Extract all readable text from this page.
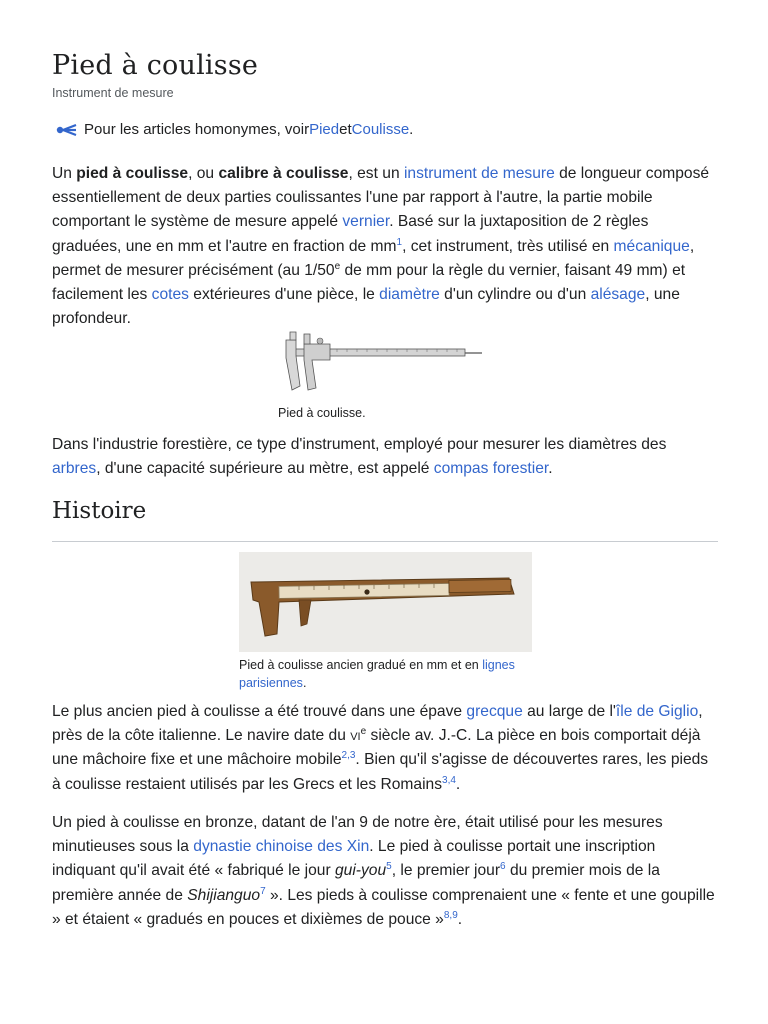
Pied à coulisse
Instrument de mesure
Pour les articles homonymes, voir Pied et Coulisse .

Un pied à coulisse, ou calibre à coulisse, est un instrument de mesure de longueur composé essentiellement de deux parties coulissantes l'une par rapport à l'autre, la partie mobile comportant le système de mesure appelé vernier. Basé sur la juxtaposition de 2 règles graduées, une en mm et l'autre en fraction de $mm^1$, cet instrument, très utilisé en mécanique, permet de mesurer précisément (au 1/50e de mm pour la règle du vernier, faisant 49 mm) et facilement les cotes extérieures d'une pièce, le diamètre d'un cylindre ou d'un alésage, une profondeur.

Pied à coulisse.

Dans l'industrie forestière, ce type d'instrument, employé pour mesurer les diamètres des arbres, d'une capacité supérieure au mètre, est appelé compas forestier.

Histoire
Pied à coulisse ancien gradué en mm et en lignes parisiennes.

Le plus ancien pied à coulisse a été trouvé dans une épave grecque au large de l'île de Giglio, près de la côte italienne. Le navire date du $vi^e$ siècle av. J.-C. La pièce en bois comportait déjà une mâchoire fixe et une mâchoire mobile$^{2,3}$. Bien qu'il s'agisse de découvertes rares, les pieds à coulisse restaient utilisés par les Grecs et les Romains$^{3,4}$.

Un pied à coulisse en bronze, datant de l'an 9 de notre ère, était utilisé pour les mesures minutieuses sous la dynastie chinoise des Xin. Le pied à coulisse portait une inscription indiquant qu'il avait été « fabriqué le jour gui-you$^5$, le premier jour$^6$ du premier mois de la première année de Shijianguo$^7$ ». Les pieds à coulisse comprenaient une « fente et une goupille » et étaient « gradués en pouces et dixièmes de pouce »$^{8,9}$.
